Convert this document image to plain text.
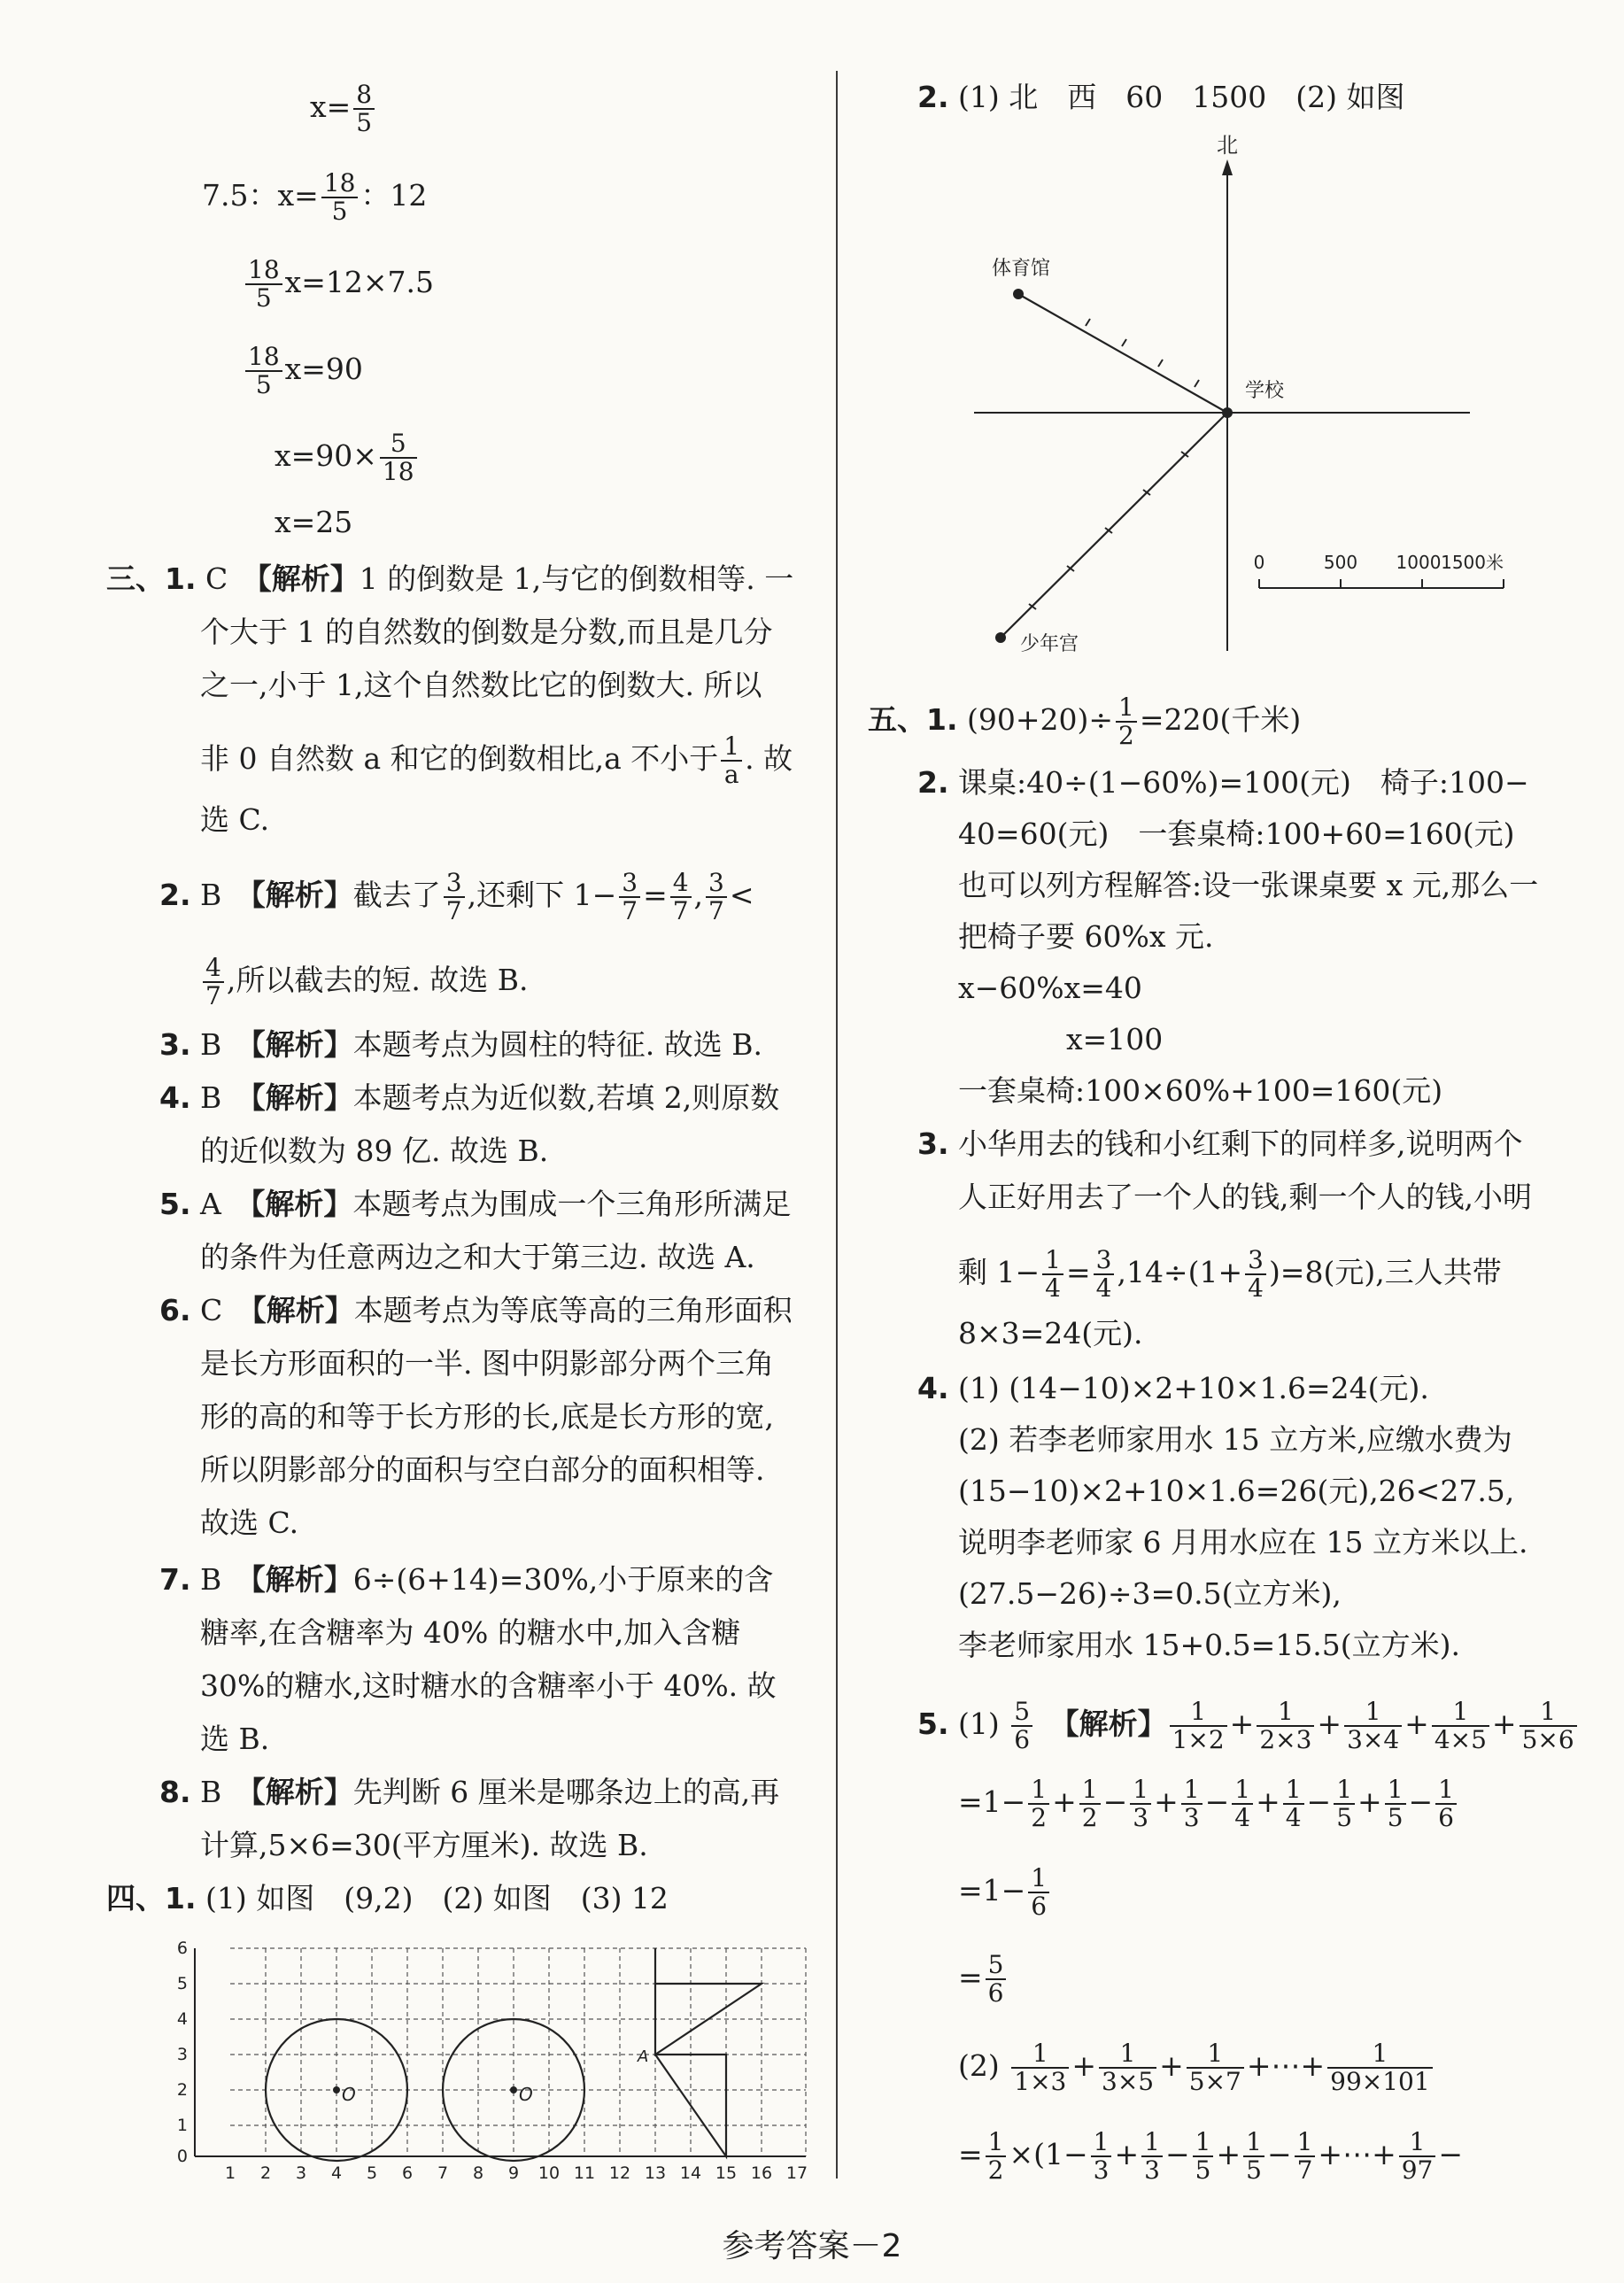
$x= \frac{8}{5}$
7.5：$x= \frac{18}{5}$ ：12
$\frac{18}{5} x=12\times 7.5$
$\frac{18}{5} x=90$
$x=90\times \frac{5}{18}$
x=25
三、1. C　 【解析】1 的倒数是 1,与它的倒数相等. 一
个大于 1 的自然数的倒数是分数,而且是几分
之一,小于 1,这个自然数比它的倒数大. 所以
非 0 自然数 a 和它的倒数相比,a 不小于 $\frac{1}{a}$ . 故
选 C.
2. B　 【解析】截去了 $\frac{3}{7}$ ,还剩下 $1- \frac{3}{7} = \frac{4}{7}$ , $\frac{3}{7}$ <
$\frac{4}{7}$ ,所以截去的短. 故选 B.
3. B　 【解析】本题考点为圆柱的特征. 故选 B.
4. B　 【解析】本题考点为近似数,若填 2,则原数
的近似数为 89 亿. 故选 B.
5. A　 【解析】本题考点为围成一个三角形所满足
的条件为任意两边之和大于第三边. 故选 A.
6. C　 【解析】本题考点为等底等高的三角形面积
是长方形面积的一半. 图中阴影部分两个三角
形的高的和等于长方形的长,底是长方形的宽,
所以阴影部分的面积与空白部分的面积相等.
故选 C.
7. B　 【解析】6÷(6+14)=30%,小于原来的含
糖率,在含糖率为 40% 的糖水中,加入含糖
30%的糖水,这时糖水的含糖率小于 40%. 故
选 B.
8. B　 【解析】先判断 6 厘米是哪条边上的高,再
计算,5×6=30(平方厘米). 故选 B.
四、1. (1) 如图　(9,2)　(2) 如图　(3) 12
1 2 3 4 5 6 7 8 9 10 11 12 13 14 15 16 17
0
1
2
3
4
5
6
O	O
A
2. (1) 北　西　60　1500　(2) 如图
北
体育馆
学校
少年宫
0	500 1000 1500米
五、1. $(90+20)\div \frac{1}{2} =220$(千米)
2. 课桌:40÷(1−60%)=100(元)　椅子:100−
40=60(元)　一套桌椅:100+60=160(元)
也可以列方程解答:设一张课桌要 x 元,那么一
把椅子要 60%x 元.
x−60%x=40
x=100
一套桌椅:100×60%+100=160(元)
3. 小华用去的钱和小红剩下的同样多,说明两个
人正好用去了一个人的钱,剩一个人的钱,小明
剩 $1- \frac{1}{4} = \frac{3}{4} ,14\div(1+ \frac{3}{4} )=8$(元),三人共带
8×3=24(元).
4. (1) (14−10)×2+10×1.6=24(元).
(2) 若李老师家用水 15 立方米,应缴水费为
(15−10)×2+10×1.6=26(元),26<27.5,
说明李老师家 6 月用水应在 15 立方米以上.
(27.5−26)÷3=0.5(立方米),
李老师家用水 15+0.5=15.5(立方米).
5. $(1) \frac{5}{6}$
　 【解析】 $\frac{1}{1\times 2} + \frac{1}{2\times 3} + \frac{1}{3\times 4} + \frac{1}{4\times 5} + \frac{1}{5\times 6}$
$=1- \frac{1}{2} + \frac{1}{2} - \frac{1}{3} + \frac{1}{3} - \frac{1}{4} + \frac{1}{4} - \frac{1}{5} + \frac{1}{5} - \frac{1}{6}$
$=1- \frac{1}{6}$
= $\frac{5}{6}$
$(2) \frac{1}{1\times 3} + \frac{1}{3\times 5} + \frac{1}{5\times 7}$ +⋯+ $\frac{1}{99\times 101}$
= $\frac{1}{2} \times(1- \frac{1}{3} + \frac{1}{3} - \frac{1}{5} + \frac{1}{5} - \frac{1}{7}$ +⋯+ $\frac{1}{97}$ −
参考答案－2
